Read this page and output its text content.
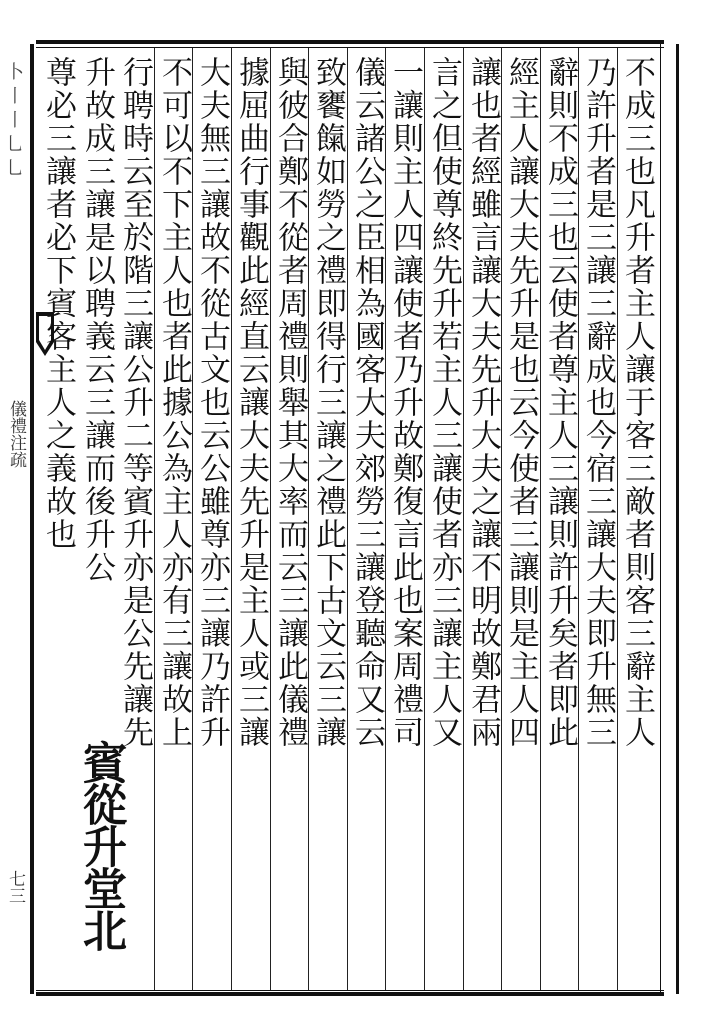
卜丨丨乚乚
儀禮注疏
七三
不成三也凡升者主人讓于客三敵者則客三辭主人
乃許升者是三讓三辭成也今宿三讓大夫即升無三
辭則不成三也云使者尊主人三讓則許升矣者即此
經主人讓大夫先升是也云今使者三讓則是主人四
讓也者經雖言讓大夫先升大夫之讓不明故鄭君兩
言之但使尊終先升若主人三讓使者亦三讓主人又
一讓則主人四讓使者乃升故鄭復言此也案周禮司
儀云諸公之臣相為國客大夫郊勞三讓登聽命又云
致饔餼如勞之禮即得行三讓之禮此下古文云三讓
與彼合鄭不從者周禮則舉其大率而云三讓此儀禮
據屈曲行事觀此經直云讓大夫先升是主人或三讓
大夫無三讓故不從古文也云公雖尊亦三讓乃許升
不可以不下主人也者此據公為主人亦有三讓故上
行聘時云至於階三讓公升二等賓升亦是公先讓先
升故成三讓是以聘義云三讓而後升公
尊必三讓者必下賓客主人之義故也
賓從升堂北
